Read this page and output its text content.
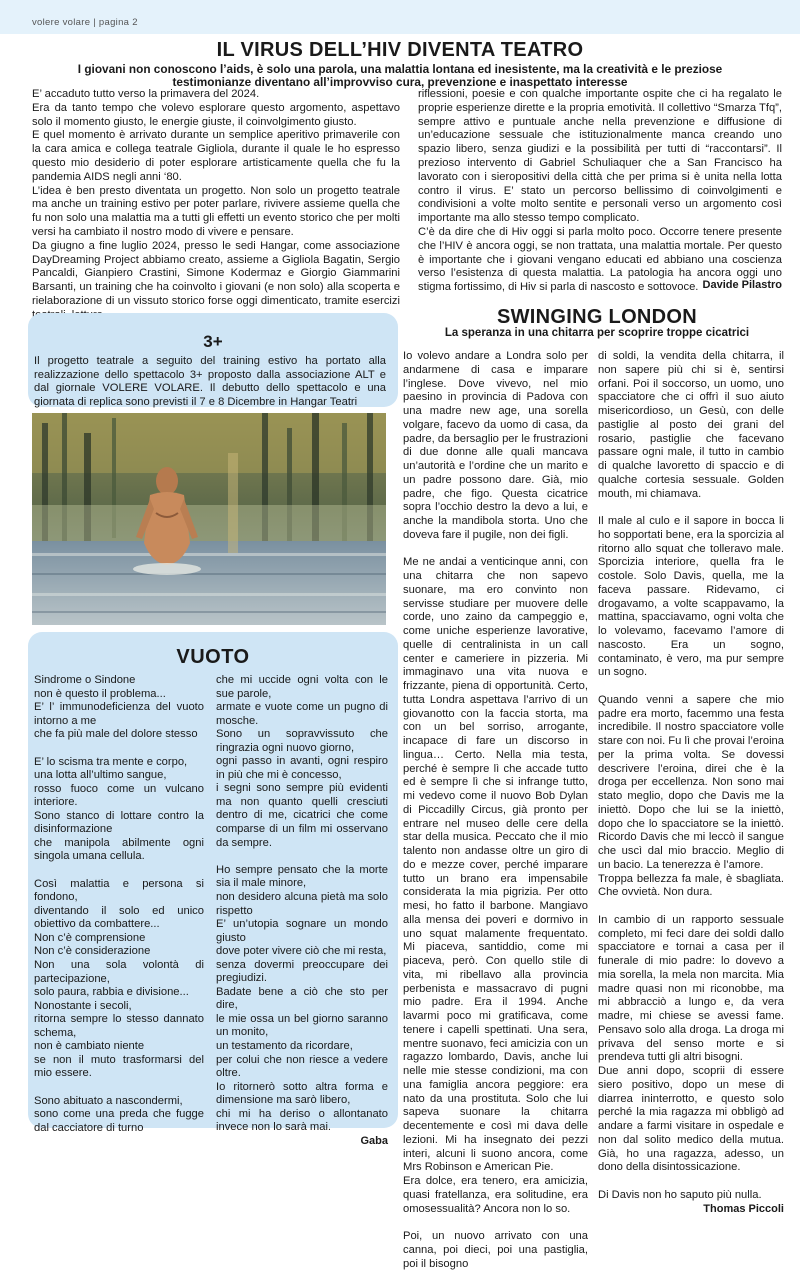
volere volare | pagina 2
IL VIRUS DELL’HIV DIVENTA TEATRO
I giovani non conoscono l’aids, è solo una parola, una malattia lontana ed inesistente, ma la creatività e le preziose testimonianze diventano all’improvviso cura, prevenzione e inaspettato interesse

E’ accaduto tutto verso la primavera del 2024.

Era da tanto tempo che volevo esplorare questo argomento, aspettavo solo il momento giusto, le energie giuste, il coinvolgimento giusto.

E quel momento è arrivato durante un semplice aperitivo primaverile con la cara amica e collega teatrale Gigliola, durante il quale le ho espresso questo mio desiderio di poter esplorare artisticamente quella che fu la pandemia AIDS negli anni ‘80.

L’idea è ben presto diventata un progetto. Non solo un progetto teatrale ma anche un training estivo per poter parlare, rivivere assieme quella che fu non solo una malattia ma a tutti gli effetti un evento storico che per molti versi ha cambiato il nostro modo di vivere e pensare.

Da giugno a fine luglio 2024, presso le sedi Hangar, come associazione DayDreaming Project abbiamo creato, assieme a Gigliola Bagatin, Sergio Pancaldi, Gianpiero Crastini, Simone Kodermaz e Giorgio Giammarini Barsanti, un training che ha coinvolto i giovani (e non solo) alla scoperta e rielaborazione di un vissuto storico forse oggi dimenticato, tramite esercizi

riflessioni, poesie e con qualche importante ospite che ci ha regalato le proprie esperienze dirette e la propria emotività. Il collettivo “Smarza Tfq”, sempre attivo e puntuale anche nella prevenzione e diffusione di un’educazione sessuale che istituzionalmente manca creando uno spazio libero, senza giudizi e la possibilità per tutti di “raccontarsi”. Il prezioso intervento di Gabriel Schuliaquer che a San Francisco ha lavorato con i sieropositivi della città che per prima si è unita nella lotta contro il virus. E’ stato un percorso bellissimo di coinvolgimenti e condivisioni a volte molto sentite e personali verso un argomento così importante ma allo stesso tempo complicato.

C’è da dire che di Hiv oggi si parla molto poco. Occorre tenere presente che l’HIV è ancora oggi, se non trattata, una malattia mortale. Per questo è importante che i giovani vengano educati ed abbiano una coscienza verso l’esistenza di questa malattia. La patologia ha ancora oggi uno stigma fortissimo, di Hiv si parla di nascosto e sottovoce. Davide Pilastro
3+
Il progetto teatrale a seguito del training estivo ha portato alla realizzazione dello spettacolo 3+ proposto dalla associazione ALT e dal giornale VOLERE VOLARE. Il debutto dello spettacolo e una giornata di replica sono previsti il 7 e 8 Dicembre in Hangar Teatri
VUOTO

Sindrome o Sindone

non è questo il problema...

E’ l’ immunodeficienza del vuoto intorno a me

che fa più male del dolore stesso

E’ lo scisma tra mente e corpo,

una lotta all’ultimo sangue,

rosso fuoco come un vulcano interiore.

Sono stanco di lottare contro la disinformazione

che manipola abilmente ogni singola umana cellula.

Così malattia e persona si fondono,

diventando il solo ed unico obiettivo da combattere...

Non c’è comprensione

Non c’è considerazione

Non una sola volontà di partecipazione,

solo paura, rabbia e divisione...

Nonostante i secoli,

ritorna sempre lo stesso dannato schema,

non è cambiato niente

se non il muto trasformarsi del mio essere.

Sono abituato a nascondermi,

sono come una preda che fugge dal cacciatore di turno

che mi uccide ogni volta con le sue parole,

armate e vuote come un pugno di mosche.

Sono un sopravvissuto che ringrazia ogni nuovo giorno,

ogni passo in avanti, ogni respiro in più che mi è concesso,

i segni sono sempre più evidenti ma non quanto quelli cresciuti dentro di me, cicatrici che come comparse di un film mi osservano da sempre.

Ho sempre pensato che la morte sia il male minore,

non desidero alcuna pietà ma solo rispetto

E’ un’utopia sognare un mondo giusto

dove poter vivere ciò che mi resta,

senza dovermi preoccupare dei pregiudizi.

Badate bene a ciò che sto per dire,

le mie ossa un bel giorno saranno un monito,

un testamento da ricordare,

per colui che non riesce a vedere oltre.

Io ritornerò sotto altra forma e dimensione ma sarò libero,

chi mi ha deriso o allontanato invece non lo sarà mai.

Gaba
SWINGING LONDON
La speranza in una chitarra per scoprire troppe cicatrici

Io volevo andare a Londra solo per andarmene di casa e imparare l’inglese. Dove vivevo, nel mio paesino in provincia di Padova con una madre new age, una sorella volgare, facevo da uomo di casa, da padre, da bersaglio per le frustrazioni di due donne alle quali mancava un’autorità e l’ordine che un marito e un padre possono dare. Già, mio padre, che figo. Questa cicatrice sopra l’occhio destro la devo a lui, e anche la mandibola storta. Uno che doveva fare il pugile, non dei figli.

Me ne andai a venticinque anni, con una chitarra che non sapevo suonare, ma ero convinto non servisse studiare per muovere delle corde, uno zaino da campeggio e, come uniche esperienze lavorative, quelle di centralinista in un call center e cameriere in pizzeria. Mi immaginavo una vita nuova e frizzante, piena di opportunità. Certo, tutta Londra aspettava l’arrivo di un giovanotto con la faccia storta, ma con un bel sorriso, arrogante, incapace di fare un discorso in lingua… Certo. Nella mia testa, perché è sempre lì che accade tutto ed è sempre lì che si infrange tutto, mi vedevo come il nuovo Bob Dylan di Piccadilly Circus, già pronto per entrare nel museo delle cere della star della musica. Peccato che il mio talento non andasse oltre un giro di do e mezze cover, perché imparare tutto un brano era impensabile considerata la mia pigrizia. Per otto mesi, ho fatto il barbone. Mangiavo alla mensa dei poveri e dormivo in uno squat malamente frequentato. Mi piaceva, santiddio, come mi piaceva, però. Con quello stile di vita, mi ribellavo alla provincia perbenista e massacravo di pugni mio padre. Era il 1994. Anche lavarmi poco mi gratificava, come tenere i capelli spettinati. Una sera, mentre suonavo, feci amicizia con un ragazzo lombardo, Davis, anche lui nelle mie stesse condizioni, ma con una famiglia ancora peggiore: era nato da una prostituta. Solo che lui sapeva suonare la chitarra decentemente e così mi dava delle lezioni. Mi ha insegnato dei pezzi interi, alcuni li suono ancora, come Mrs Robinson e American Pie.

Era dolce, era tenero, era amicizia, quasi fratellanza, era solitudine, era omosessualità? Ancora non lo so.

Poi, un nuovo arrivato con una canna, poi dieci, poi una pastiglia, poi il bisogno

di soldi, la vendita della chitarra, il non sapere più chi si è, sentirsi orfani. Poi il soccorso, un uomo, uno spacciatore che ci offrì il suo aiuto misericordioso, un Gesù, con delle pastiglie al posto dei grani del rosario, pastiglie che facevano passare ogni male, il tutto in cambio di qualche lavoretto di spaccio e di qualche cortesia sessuale. Golden mouth, mi chiamava.

Il male al culo e il sapore in bocca li ho sopportati bene, era la sporcizia al ritorno allo squat che tolleravo male. Sporcizia interiore, quella fra le costole. Solo Davis, quella, me la faceva passare. Ridevamo, ci drogavamo, a volte scappavamo, la mattina, spacciavamo, ogni volta che lo volevamo, facevamo l’amore di nascosto. Era un sogno, contaminato, è vero, ma pur sempre un sogno.

Quando venni a sapere che mio padre era morto, facemmo una festa incredibile. Il nostro spacciatore volle stare con noi. Fu lì che provai l’eroina per la prima volta. Se dovessi descrivere l’eroina, direi che è la droga per eccellenza. Non sono mai stato meglio, dopo che Davis me la iniettò. Dopo che lui se la iniettò, dopo che lo spacciatore se la iniettò. Ricordo Davis che mi leccò il sangue che uscì dal mio braccio. Meglio di un bacio. La tenerezza è l’amore.

Troppa bellezza fa male, è sbagliata. Che ovvietà. Non dura.

In cambio di un rapporto sessuale completo, mi feci dare dei soldi dallo spacciatore e tornai a casa per il funerale di mio padre: lo dovevo a mia sorella, la mela non marcita. Mia madre quasi non mi riconobbe, ma mi abbracciò a lungo e, da vera madre, mi chiese se avessi fame. Pensavo solo alla droga. La droga mi privava del senso morte e si prendeva tutti gli altri bisogni.

Due anni dopo, scoprii di essere siero positivo, dopo un mese di diarrea ininterrotto, e questo solo perché la mia ragazza mi obbligò ad andare a farmi visitare in ospedale e non dal solito medico della mutua. Già, ho una ragazza, adesso, un dono della disintossicazione.

Di Davis non ho saputo più nulla.

Thomas Piccoli
